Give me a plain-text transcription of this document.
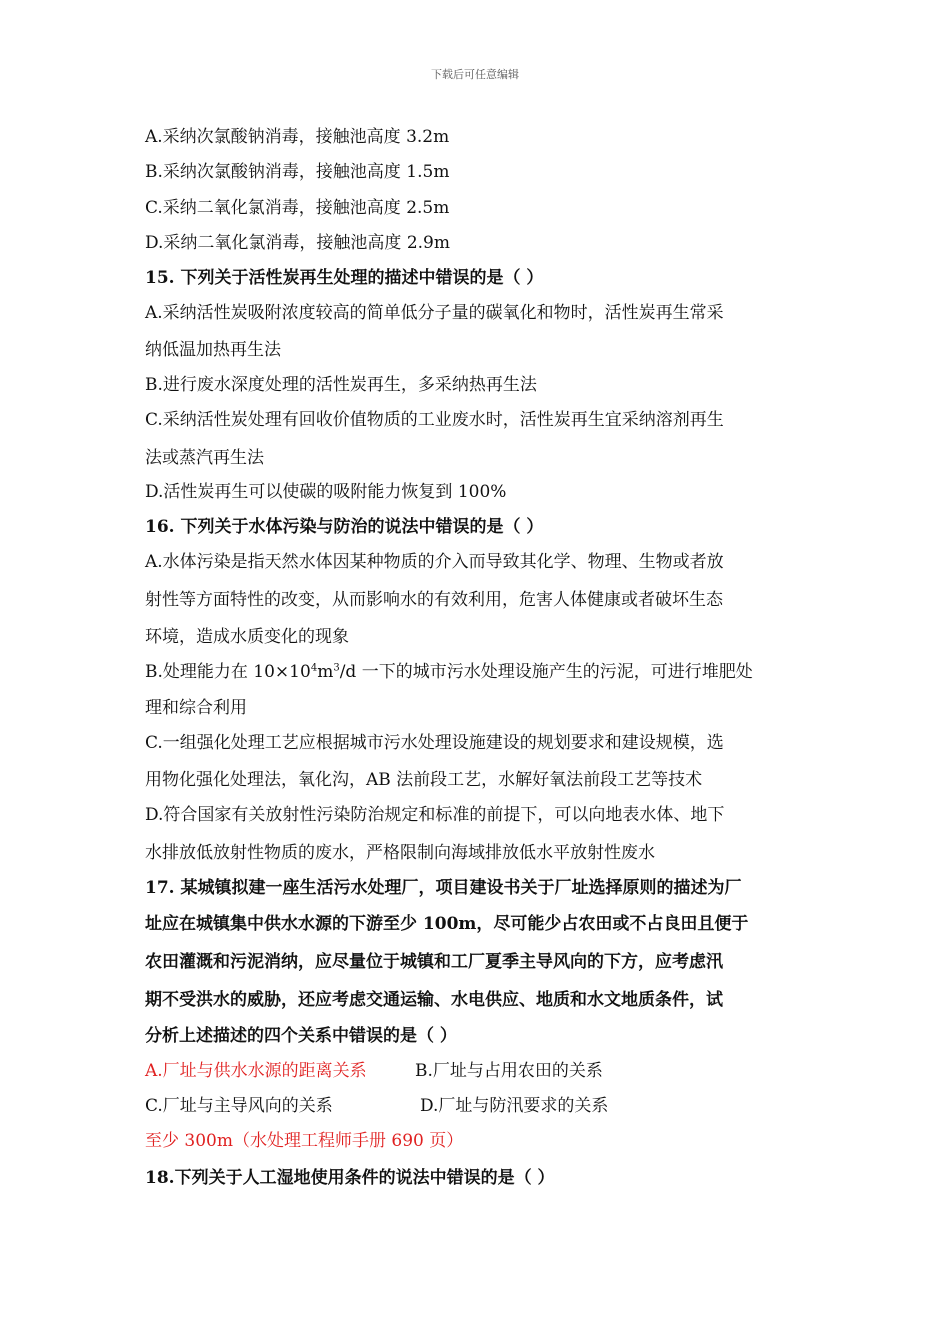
下载后可任意编辑
A.采纳次氯酸钠消毒，接触池高度 3.2m
B.采纳次氯酸钠消毒，接触池高度 1.5m
C.采纳二氧化氯消毒，接触池高度 2.5m
D.采纳二氧化氯消毒，接触池高度 2.9m
15. 下列关于活性炭再生处理的描述中错误的是（ ）
A.采纳活性炭吸附浓度较高的简单低分子量的碳氧化和物时，活性炭再生常采
纳低温加热再生法
B.进行废水深度处理的活性炭再生，多采纳热再生法
C.采纳活性炭处理有回收价值物质的工业废水时，活性炭再生宜采纳溶剂再生
法或蒸汽再生法
D.活性炭再生可以使碳的吸附能力恢复到 100%
16. 下列关于水体污染与防治的说法中错误的是（ ）
A.水体污染是指天然水体因某种物质的介入而导致其化学、物理、生物或者放
射性等方面特性的改变，从而影响水的有效利用，危害人体健康或者破坏生态
环境，造成水质变化的现象
B.处理能力在 $10\times 10^4m^3/d$ 一下的城市污水处理设施产生的污泥，可进行堆肥处
理和综合利用
C.一组强化处理工艺应根据城市污水处理设施建设的规划要求和建设规模，选
用物化强化处理法，氧化沟，AB 法前段工艺，水解好氧法前段工艺等技术
D.符合国家有关放射性污染防治规定和标准的前提下，可以向地表水体、地下
水排放低放射性物质的废水，严格限制向海域排放低水平放射性废水
17. 某城镇拟建一座生活污水处理厂，项目建设书关于厂址选择原则的描述为厂
址应在城镇集中供水水源的下游至少 100m，尽可能少占农田或不占良田且便于
农田灌溉和污泥消纳，应尽量位于城镇和工厂夏季主导风向的下方，应考虑汛
期不受洪水的威胁，还应考虑交通运输、水电供应、地质和水文地质条件，试
分析上述描述的四个关系中错误的是（ ）
A.厂址与供水水源的距离关系	B.厂址与占用农田的关系
C.厂址与主导风向的关系	D.厂址与防汛要求的关系
至少 300m（水处理工程师手册 690 页）
18.下列关于人工湿地使用条件的说法中错误的是（ ）
